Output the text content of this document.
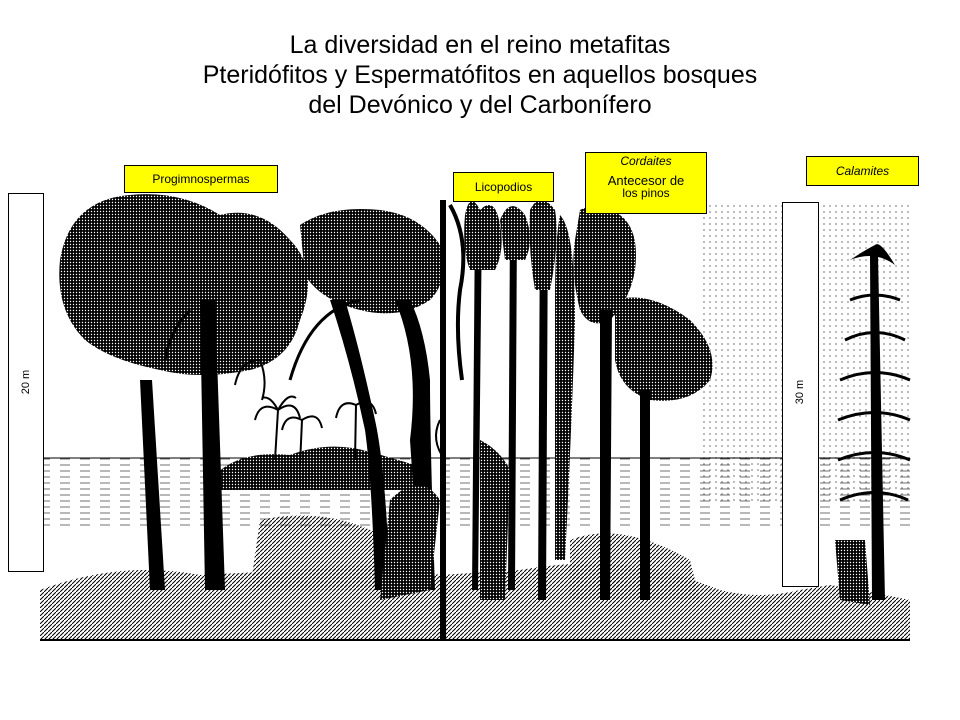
La diversidad en el reino metafitas
Pteridófitos y Espermatófitos en aquellos bosques
del Devónico y del Carbonífero
20 m	30 m
Progimnospermas
Licopodios
Cordaites
Antecesor de
los pinos
Calamites
